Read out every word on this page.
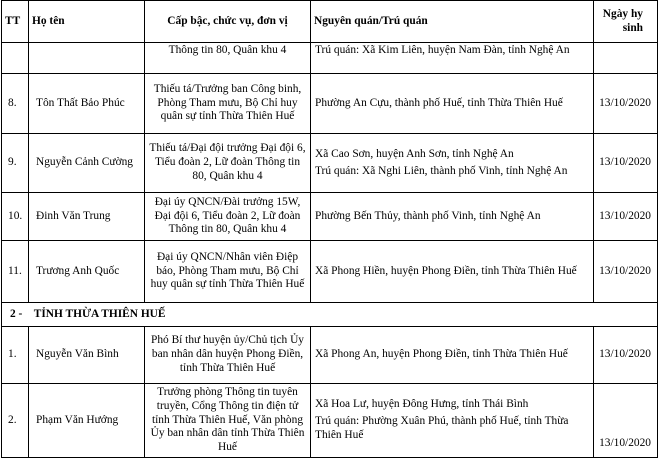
TT	Họ tên	Cấp bậc, chức vụ, đơn vị	Nguyên quán/Trú quán	Ngày hy
sinh

		Thông tin 80, Quân khu 4	Trú quán: Xã Kim Liên, huyện Nam Đàn, tỉnh Nghệ An	

8.	Tôn Thất Bảo Phúc	Thiếu tá/Trưởng ban Công binh, Phòng Tham mưu, Bộ Chỉ huy quân sự tỉnh Thừa Thiên Huế	Phường An Cựu, thành phố Huế, tỉnh Thừa Thiên Huế	13/10/2020
9.	Nguyễn Cảnh Cường	Thiếu tá/Đại đội trưởng Đại đội 6, Tiểu đoàn 2, Lữ đoàn Thông tin 80, Quân khu 4	Xã Cao Sơn, huyện Anh Sơn, tỉnh Nghệ An
Trú quán: Xã Nghi Liên, thành phố Vinh, tỉnh Nghệ An	13/10/2020
10.	Đinh Văn Trung	Đại úy QNCN/Đài trưởng 15W, Đại đội 6, Tiểu đoàn 2, Lữ đoàn Thông tin 80, Quân khu 4	Phường Bến Thủy, thành phố Vinh, tỉnh Nghệ An	13/10/2020
11.	Trương Anh Quốc	Đại úy QNCN/Nhân viên Điệp báo, Phòng Tham mưu, Bộ Chỉ huy quân sự tỉnh Thừa Thiên Huế	Xã Phong Hiền, huyện Phong Điền, tỉnh Thừa Thiên Huế	13/10/2020
2 - TỈNH THỪA THIÊN HUẾ				
1.	Nguyễn Văn Bình	Phó Bí thư huyện ủy/Chủ tịch Ủy ban nhân dân huyện Phong Điền, tỉnh Thừa Thiên Huế	Xã Phong An, huyện Phong Điền, tỉnh Thừa Thiên Huế	13/10/2020
2.	Phạm Văn Hướng	Trưởng phòng Thông tin tuyên truyền, Cổng Thông tin điện tử tỉnh Thừa Thiên Huế, Văn phòng Ủy ban nhân dân tỉnh Thừa Thiên Huế	Xã Hoa Lư, huyện Đông Hưng, tỉnh Thái Bình
Trú quán: Phường Xuân Phú, thành phố Huế, tỉnh Thừa Thiên Huế	13/10/2020
